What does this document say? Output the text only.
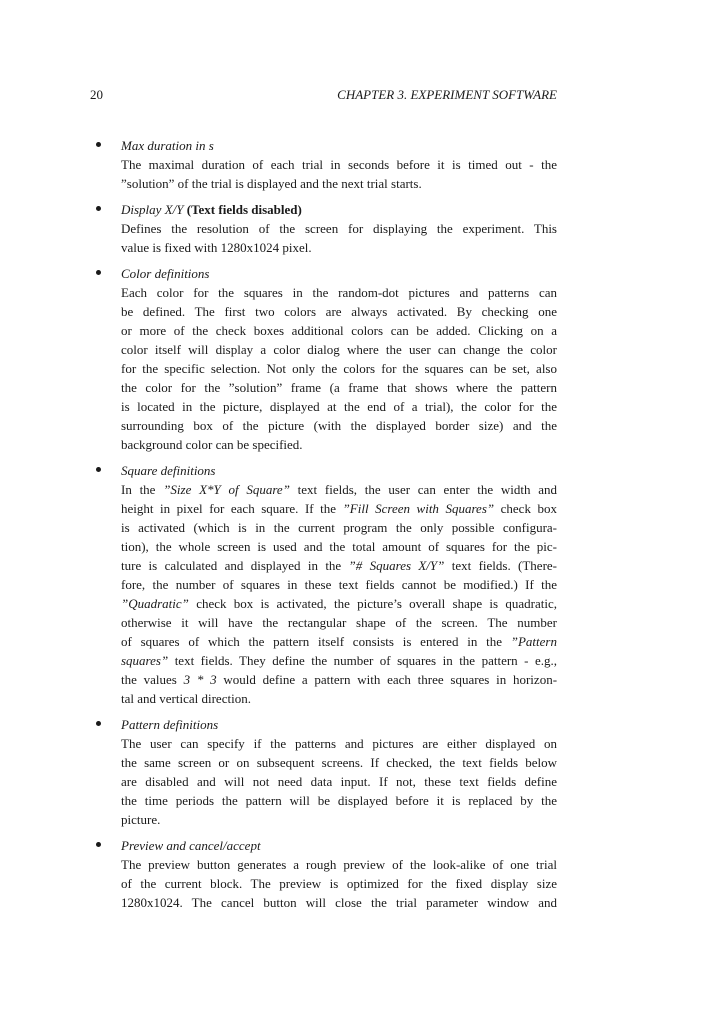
20	CHAPTER 3. EXPERIMENT SOFTWARE
Max duration in s
The maximal duration of each trial in seconds before it is timed out - the
”solution” of the trial is displayed and the next trial starts.
Display X/Y (Text fields disabled)
Defines the resolution of the screen for displaying the experiment. This
value is fixed with 1280x1024 pixel.
Color definitions
Each color for the squares in the random-dot pictures and patterns can
be defined. The first two colors are always activated. By checking one
or more of the check boxes additional colors can be added. Clicking on a
color itself will display a color dialog where the user can change the color
for the specific selection. Not only the colors for the squares can be set, also
the color for the ”solution” frame (a frame that shows where the pattern
is located in the picture, displayed at the end of a trial), the color for the
surrounding box of the picture (with the displayed border size) and the
background color can be specified.
Square definitions
In the ”Size X*Y of Square” text fields, the user can enter the width and
height in pixel for each square. If the ”Fill Screen with Squares” check box
is activated (which is in the current program the only possible configura-
tion), the whole screen is used and the total amount of squares for the pic-
ture is calculated and displayed in the ”# Squares X/Y” text fields. (There-
fore, the number of squares in these text fields cannot be modified.) If the
”Quadratic” check box is activated, the picture’s overall shape is quadratic,
otherwise it will have the rectangular shape of the screen. The number
of squares of which the pattern itself consists is entered in the ”Pattern
squares” text fields. They define the number of squares in the pattern - e.g.,
the values 3 * 3 would define a pattern with each three squares in horizon-
tal and vertical direction.
Pattern definitions
The user can specify if the patterns and pictures are either displayed on
the same screen or on subsequent screens. If checked, the text fields below
are disabled and will not need data input. If not, these text fields define
the time periods the pattern will be displayed before it is replaced by the
picture.
Preview and cancel/accept
The preview button generates a rough preview of the look-alike of one trial
of the current block. The preview is optimized for the fixed display size
1280x1024. The cancel button will close the trial parameter window and
